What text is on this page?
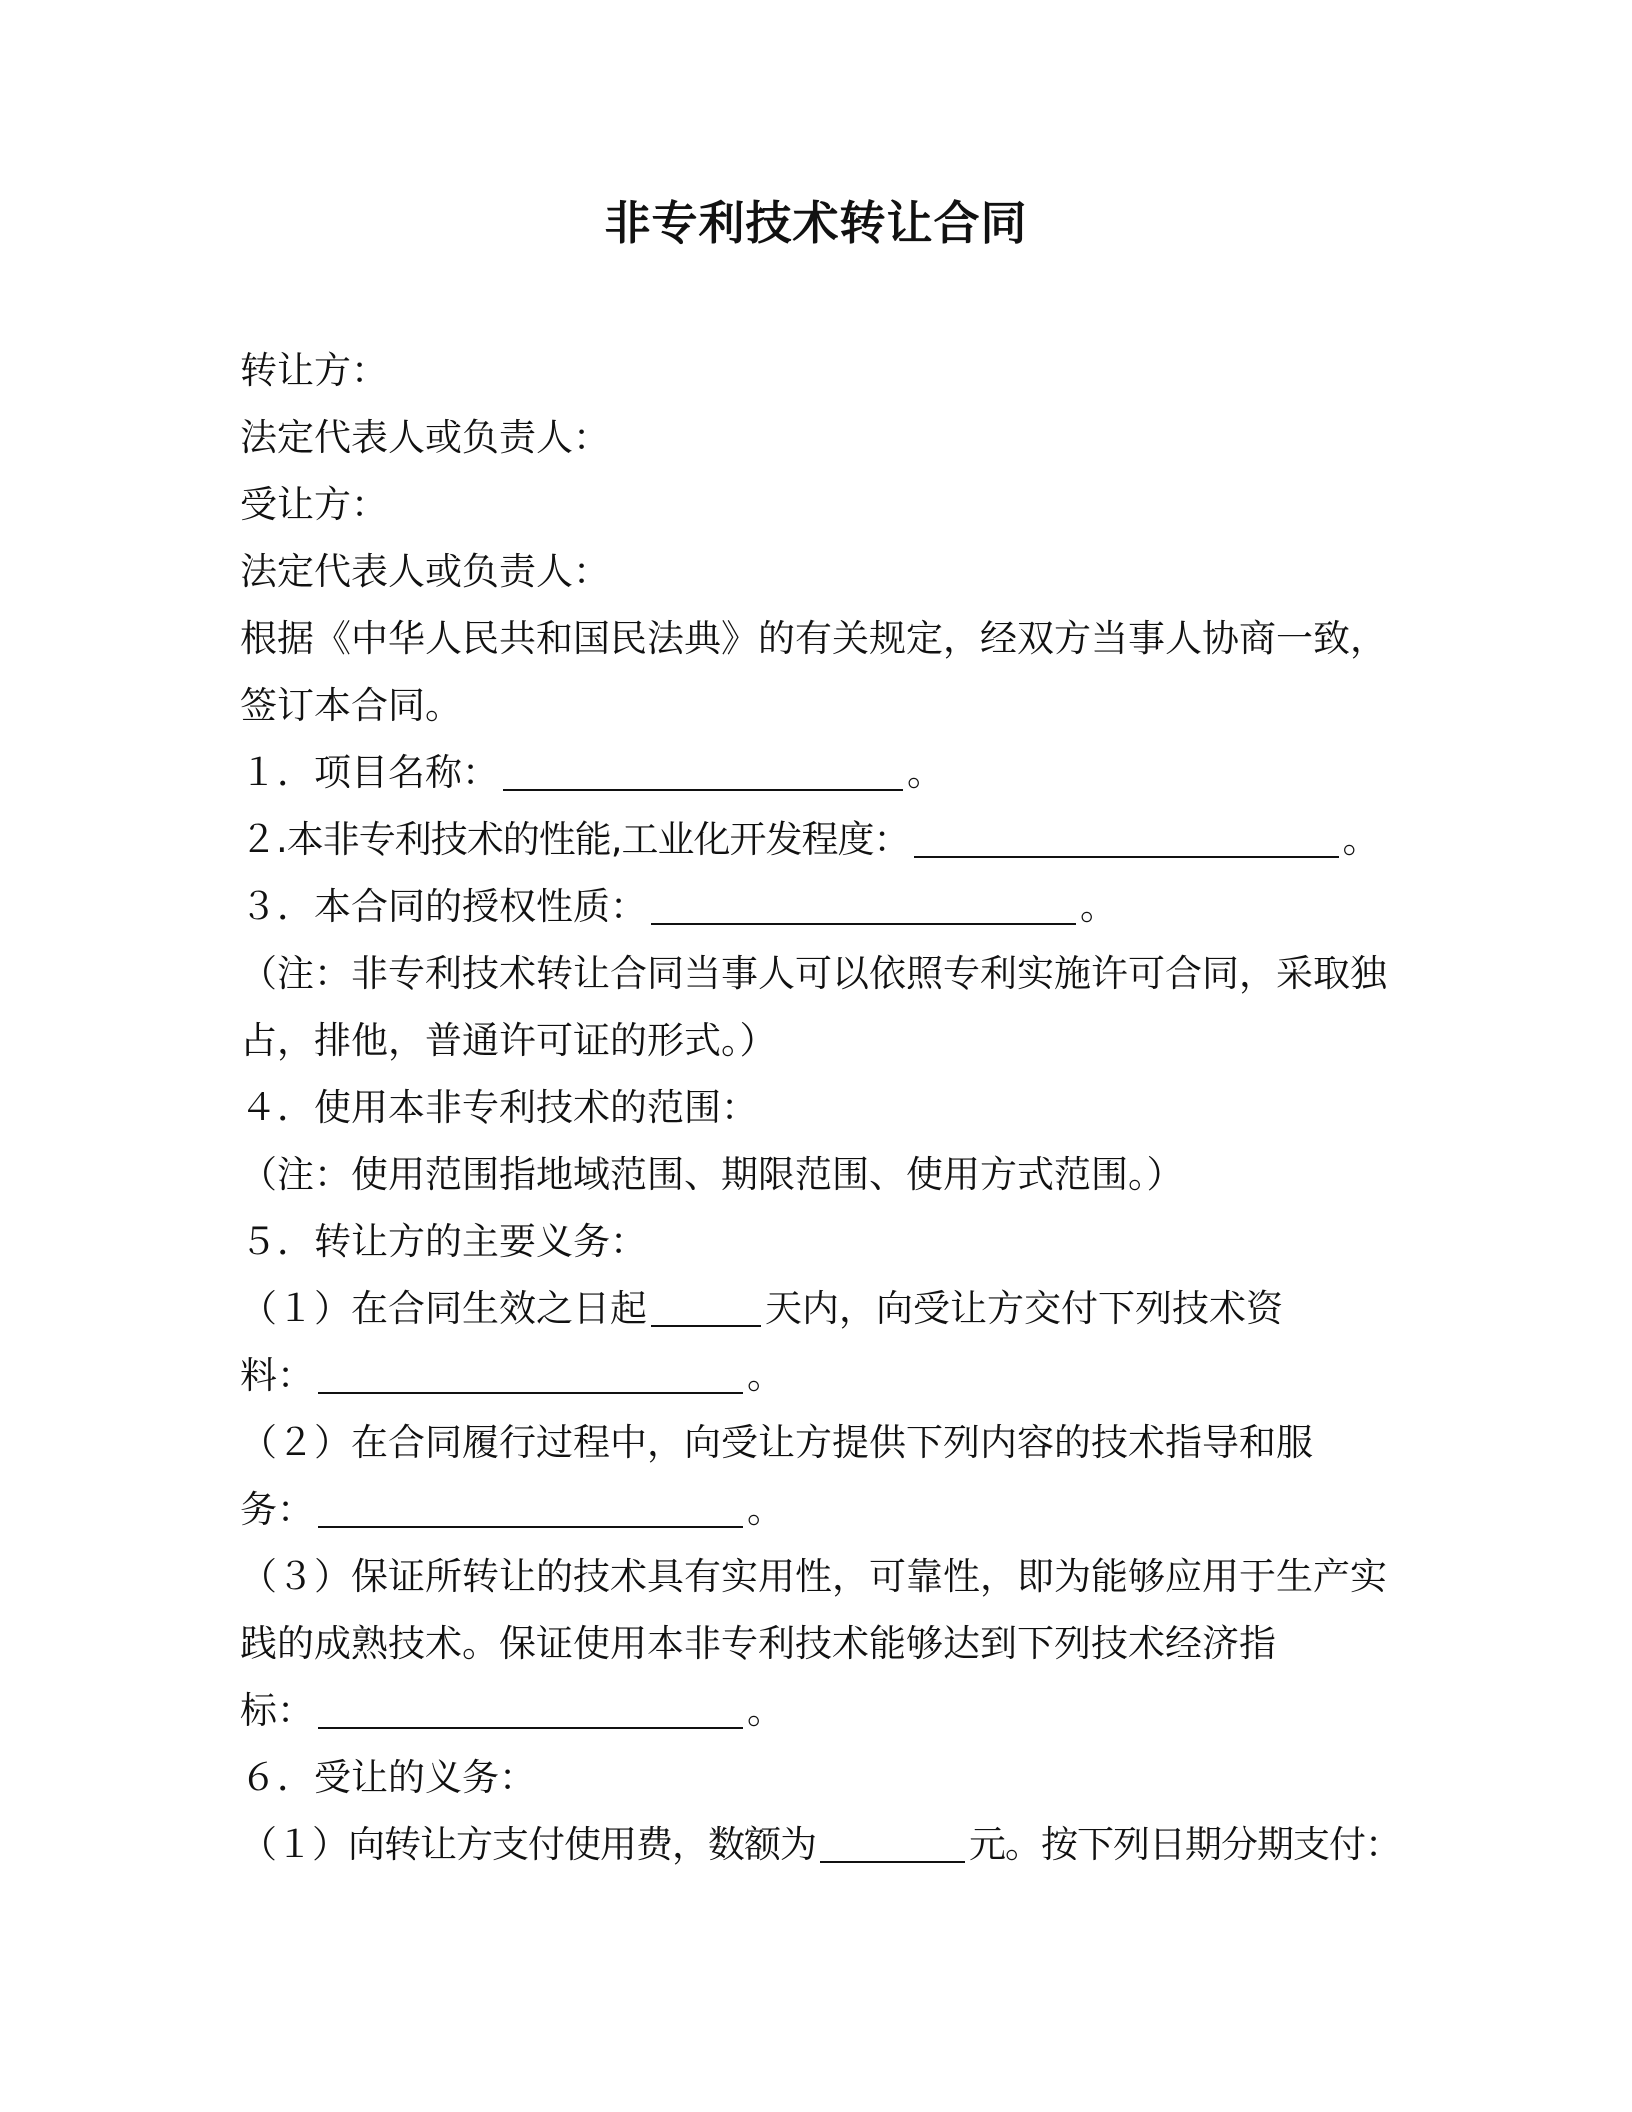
非专利技术转让合同
转让方：
法定代表人或负责人：
受让方：
法定代表人或负责人：
根据《中华人民共和国民法典》的有关规定，经双方当事人协商一致，
签订本合同。
１．项目名称：	。
２.本非专利技术的性能,工业化开发程度：	。
３．本合同的授权性质：	。
（注：非专利技术转让合同当事人可以依照专利实施许可合同，采取独
占，排他，普通许可证的形式。）
４．使用本非专利技术的范围：
（注：使用范围指地域范围、期限范围、使用方式范围。）
５．转让方的主要义务：
（１）在合同生效之日起	天内，向受让方交付下列技术资
料：	。
（２）在合同履行过程中，向受让方提供下列内容的技术指导和服
务：	。
（３）保证所转让的技术具有实用性，可靠性，即为能够应用于生产实
践的成熟技术。保证使用本非专利技术能够达到下列技术经济指
标：	。
６．受让的义务：
（１）向转让方支付使用费，数额为	元。按下列日期分期支付：
